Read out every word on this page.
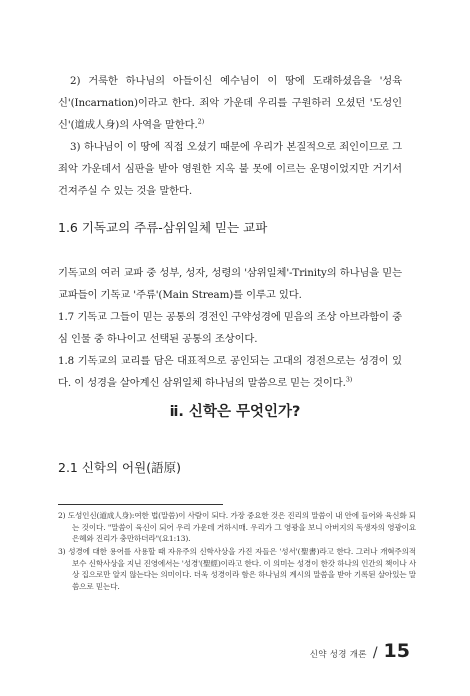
2) 거룩한 하나님의 아들이신 예수님이 이 땅에 도래하셨음을 '성육신'(Incarnation)이라고 한다. 죄악 가운데 우리를 구원하러 오셨던 '도성인신'(道成人身)의 사역을 말한다.$^{2)}$

3) 하나님이 이 땅에 직접 오셨기 때문에 우리가 본질적으로 죄인이므로 그 죄악 가운데서 심판을 받아 영원한 지옥 불 못에 이르는 운명이었지만 거기서 건져주실 수 있는 것을 말한다.

1.6 기독교의 주류-삼위일체 믿는 교파

기독교의 여러 교파 중 성부, 성자, 성령의 '삼위일체'-Trinity의 하나님을 믿는 교파들이 기독교 '주류'(Main Stream)를 이루고 있다.

1.7 기독교 그들이 믿는 공통의 경전인 구약성경에 믿음의 조상 아브라함이 중심 인물 중 하나이고 선택된 공통의 조상이다.

1.8 기독교의 교리를 담은 대표적으로 공인되는 고대의 경전으로는 성경이 있다. 이 성경을 살아계신 삼위일체 하나님의 말씀으로 믿는 것이다.$^{3)}$

ⅱ. 신학은 무엇인가?
2.1 신학의 어원(語原)

2) 도성인신(道成人身):여한 법(말씀)이 사람이 되다. 가장 중요한 것은 진리의 말씀이 내 안에 들어와 육신화 되는 것이다. "말씀이 육신이 되어 우리 가운데 거하시매. 우리가 그 영광을 보니 아버지의 독생자의 영광이요 은혜와 진리가 충만하더라"(요1:13).

3) 성경에 대한 용어를 사용할 때 자유주의 신학사상을 가진 자들은 '성서'(聖書)라고 한다. 그러나 개혁주의적 보수 신학사상을 지닌 진영에서는 '성경'(聖經)이라고 한다. 이 의미는 성경이 한갓 하나의 인간의 책이나 사상 집으로만 알지 않는다는 의미이다. 더욱 성경이라 함은 하나님의 계시의 말씀을 받아 기록된 살아있는 말씀으로 믿는다.

신약 성경 개론 / 15
